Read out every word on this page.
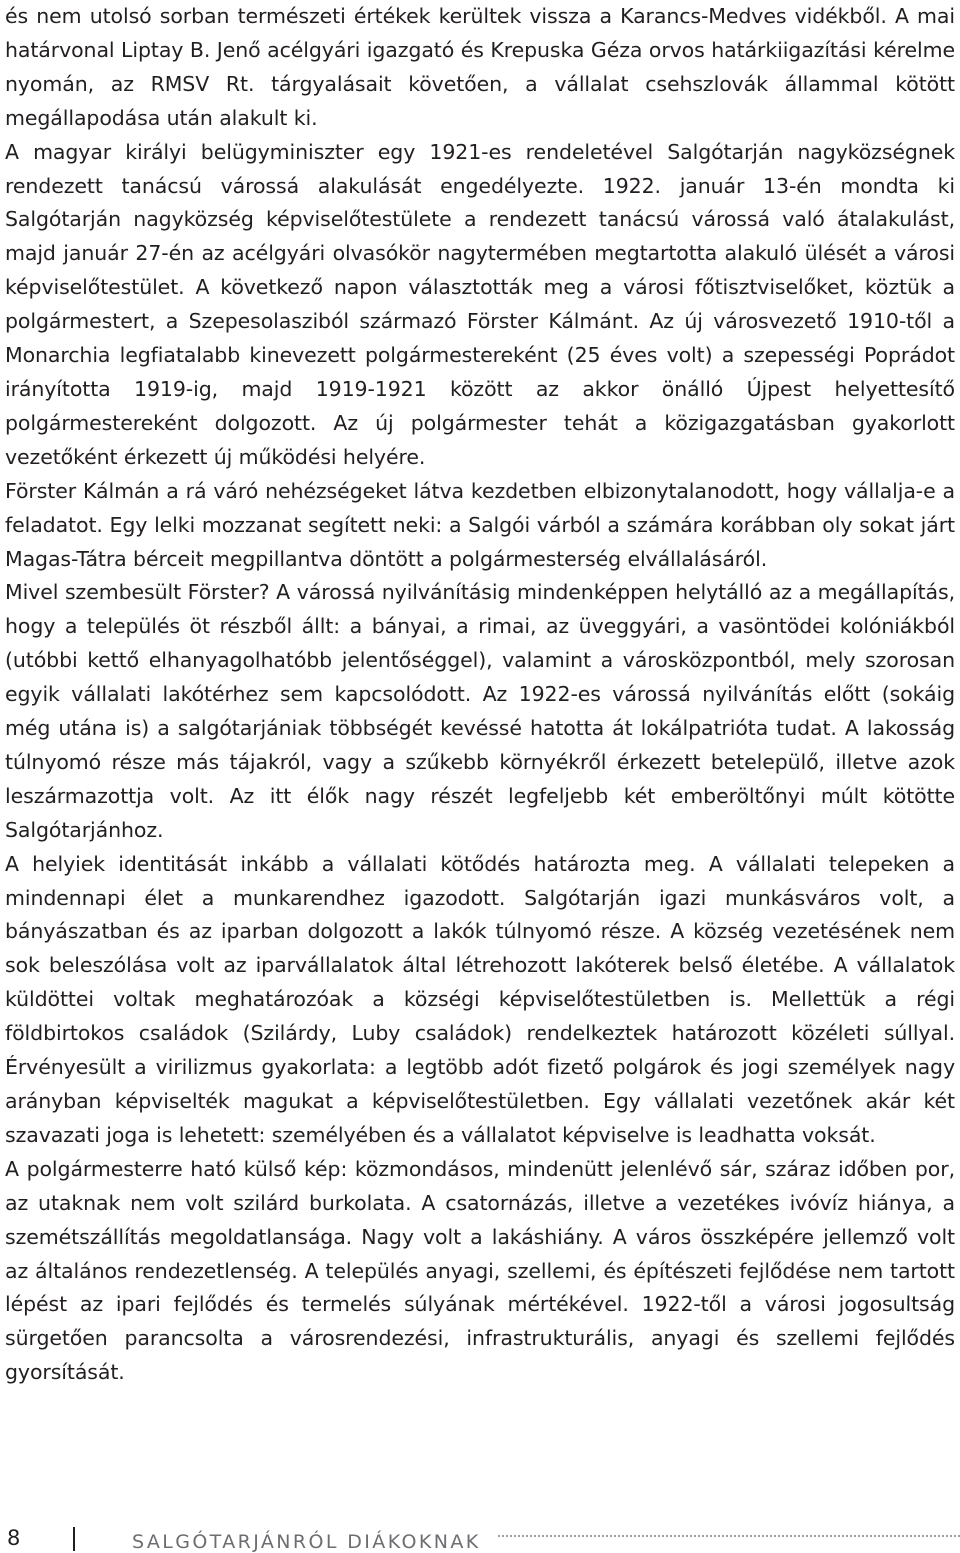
és nem utolsó sorban természeti értékek kerültek vissza a Karancs-Medves vidékből. A mai határvonal Liptay B. Jenő acélgyári igazgató és Krepuska Géza orvos határkiigazítási kérelme nyomán, az RMSV Rt. tárgyalásait követően, a vállalat csehszlovák állammal kötött megállapodása után alakult ki.

A magyar királyi belügyminiszter egy 1921-es rendeletével Salgótarján nagyközségnek rendezett tanácsú várossá alakulását engedélyezte. 1922. január 13-én mondta ki Salgótarján nagyközség képviselőtestülete a rendezett tanácsú várossá való átalakulást, majd január 27-én az acélgyári olvasókör nagytermében megtartotta alakuló ülését a városi képviselőtestület. A következő napon választották meg a városi főtisztviselőket, köztük a polgármestert, a Szepesolasziból származó Förster Kálmánt. Az új városvezető 1910-től a Monarchia legfiatalabb kinevezett polgármestereként (25 éves volt) a szepességi Poprádot irányította 1919-ig, majd 1919-1921 között az akkor önálló Újpest helyettesítő polgármestereként dolgozott. Az új polgármester tehát a közigazgatásban gyakorlott vezetőként érkezett új működési helyére.

Förster Kálmán a rá váró nehézségeket látva kezdetben elbizonytalanodott, hogy vállalja-e a feladatot. Egy lelki mozzanat segített neki: a Salgói várból a számára korábban oly sokat járt Magas-Tátra bérceit megpillantva döntött a polgármesterség elvállalásáról.

Mivel szembesült Förster? A várossá nyilvánításig mindenképpen helytálló az a megállapítás, hogy a település öt részből állt: a bányai, a rimai, az üveggyári, a vasöntödei kolóniákból (utóbbi kettő elhanyagolhatóbb jelentőséggel), valamint a városközpontból, mely szorosan egyik vállalati lakótérhez sem kapcsolódott. Az 1922-es várossá nyilvánítás előtt (sokáig még utána is) a salgótarjániak többségét kevéssé hatotta át lokálpatrióta tudat. A lakosság túlnyomó része más tájakról, vagy a szűkebb környékről érkezett betelepülő, illetve azok leszármazottja volt. Az itt élők nagy részét legfeljebb két emberöltőnyi múlt kötötte Salgótarjánhoz.

A helyiek identitását inkább a vállalati kötődés határozta meg. A vállalati telepeken a mindennapi élet a munkarendhez igazodott. Salgótarján igazi munkásváros volt, a bányászatban és az iparban dolgozott a lakók túlnyomó része. A község vezetésének nem sok beleszólása volt az iparvállalatok által létrehozott lakóterek belső életébe. A vállalatok küldöttei voltak meghatározóak a községi képviselőtestületben is. Mellettük a régi földbirtokos családok (Szilárdy, Luby családok) rendelkeztek határozott közéleti súllyal. Érvényesült a virilizmus gyakorlata: a legtöbb adót fizető polgárok és jogi személyek nagy arányban képviselték magukat a képviselőtestületben. Egy vállalati vezetőnek akár két szavazati joga is lehetett: személyében és a vállalatot képviselve is leadhatta voksát.

A polgármesterre ható külső kép: közmondásos, mindenütt jelenlévő sár, száraz időben por, az utaknak nem volt szilárd burkolata. A csatornázás, illetve a vezetékes ivóvíz hiánya, a szemétszállítás megoldatlansága. Nagy volt a lakáshiány. A város összképére jellemző volt az általános rendezetlenség. A település anyagi, szellemi, és építészeti fejlődése nem tartott lépést az ipari fejlődés és termelés súlyának mértékével. 1922-től a városi jogosultság sürgetően parancsolta a városrendezési, infrastrukturális, anyagi és szellemi fejlődés gyorsítását.

8	SALGÓTARJÁNRÓL DIÁKOKNAK
